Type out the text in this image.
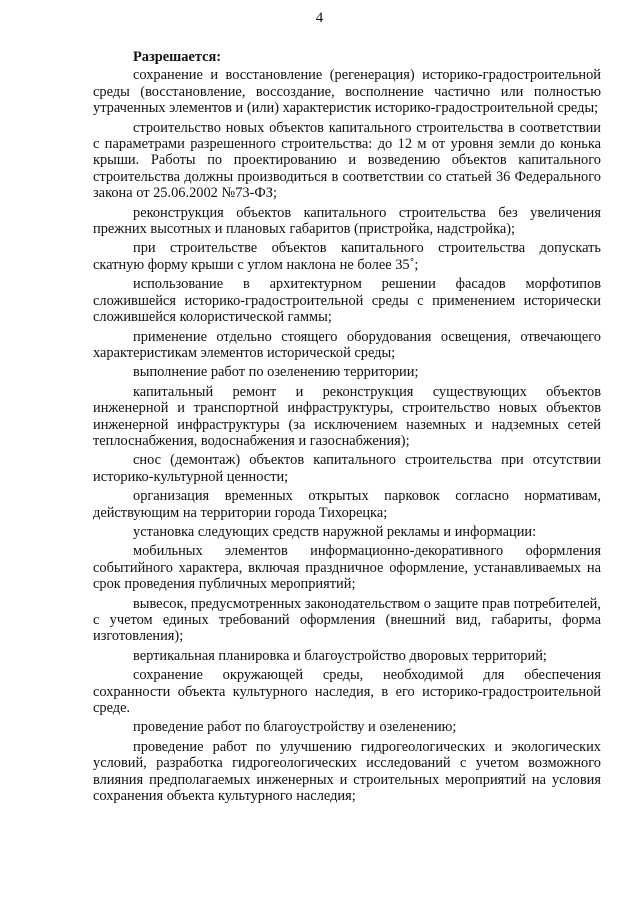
4

Разрешается:

сохранение и восстановление (регенерация) историко-градостроительной среды (восстановление, воссоздание, восполнение частично или полностью утраченных элементов и (или) характеристик историко-градостроительной среды;

строительство новых объектов капитального строительства в соответствии с параметрами разрешенного строительства: до 12 м от уровня земли до конька крыши. Работы по проектированию и возведению объектов капитального строительства должны производиться в соответствии со статьей 36 Федерального закона от 25.06.2002 №73-ФЗ;

реконструкция объектов капитального строительства без увеличения прежних высотных и плановых габаритов (пристройка, надстройка);

при строительстве объектов капитального строительства допускать скатную форму крыши с углом наклона не более 35˚;

использование в архитектурном решении фасадов морфотипов сложившейся историко-градостроительной среды с применением исторически сложившейся колористической гаммы;

применение отдельно стоящего оборудования освещения, отвечающего характеристикам элементов исторической среды;

выполнение работ по озеленению территории;

капитальный ремонт и реконструкция существующих объектов инженерной и транспортной инфраструктуры, строительство новых объектов инженерной инфраструктуры (за исключением наземных и надземных сетей теплоснабжения, водоснабжения и газоснабжения);

снос (демонтаж) объектов капитального строительства при отсутствии историко-культурной ценности;

организация временных открытых парковок согласно нормативам, действующим на территории города Тихорецка;

установка следующих средств наружной рекламы и информации:

мобильных элементов информационно-декоративного оформления событийного характера, включая праздничное оформление, устанавливаемых на срок проведения публичных мероприятий;

вывесок, предусмотренных законодательством о защите прав потребителей, с учетом единых требований оформления (внешний вид, габариты, форма изготовления);

вертикальная планировка и благоустройство дворовых территорий;

сохранение окружающей среды, необходимой для обеспечения сохранности объекта культурного наследия, в его историко-градостроительной среде.

проведение работ по благоустройству и озеленению;

проведение работ по улучшению гидрогеологических и экологических условий, разработка гидрогеологических исследований с учетом возможного влияния предполагаемых инженерных и строительных мероприятий на условия сохранения объекта культурного наследия;
